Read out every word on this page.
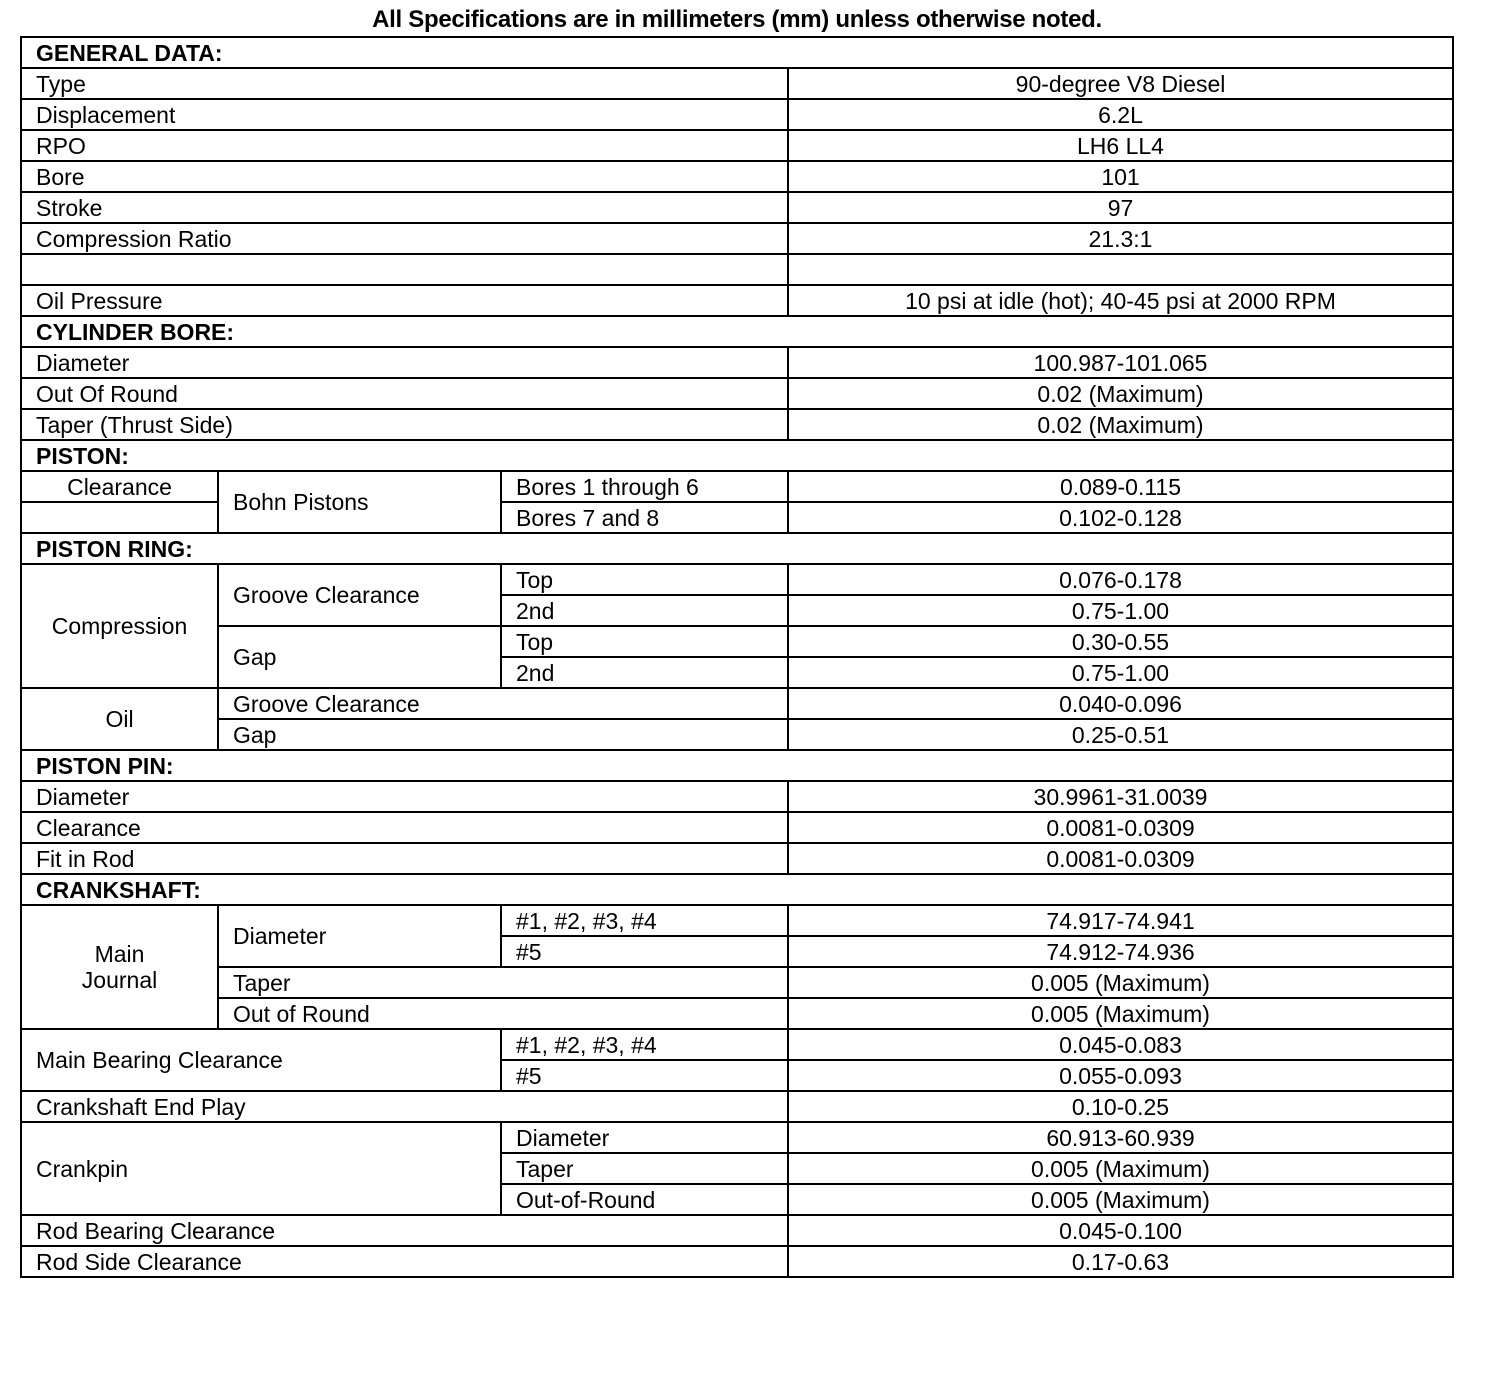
All Specifications are in millimeters (mm) unless otherwise noted.
GENERAL DATA:			
Type			90-degree V8 Diesel
Displacement			6.2L
RPO			LH6 LL4
Bore			101
Stroke			97
Compression Ratio			21.3:1

Oil Pressure			10 psi at idle (hot); 40-45 psi at 2000 RPM
CYLINDER BORE:			
Diameter			100.987-101.065
Out Of Round			0.02 (Maximum)
Taper (Thrust Side)			0.02 (Maximum)
PISTON:			
Clearance	Bohn Pistons	Bores 1 through 6	0.089-0.115
		Bores 7 and 8	0.102-0.128
PISTON RING:			
Compression	Groove Clearance	Top	0.076-0.178
		2nd	0.75-1.00
	Gap	Top	0.30-0.55
		2nd	0.75-1.00
Oil	Groove Clearance		0.040-0.096
	Gap		0.25-0.51
PISTON PIN:			
Diameter			30.9961-31.0039
Clearance			0.0081-0.0309
Fit in Rod			0.0081-0.0309
CRANKSHAFT:			
Main
Journal	Diameter	#1, #2, #3, #4	74.917-74.941
		#5	74.912-74.936
	Taper		0.005 (Maximum)
	Out of Round		0.005 (Maximum)
Main Bearing Clearance		#1, #2, #3, #4	0.045-0.083
		#5	0.055-0.093
Crankshaft End Play			0.10-0.25
Crankpin		Diameter	60.913-60.939
		Taper	0.005 (Maximum)
		Out-of-Round	0.005 (Maximum)
Rod Bearing Clearance			0.045-0.100
Rod Side Clearance			0.17-0.63
